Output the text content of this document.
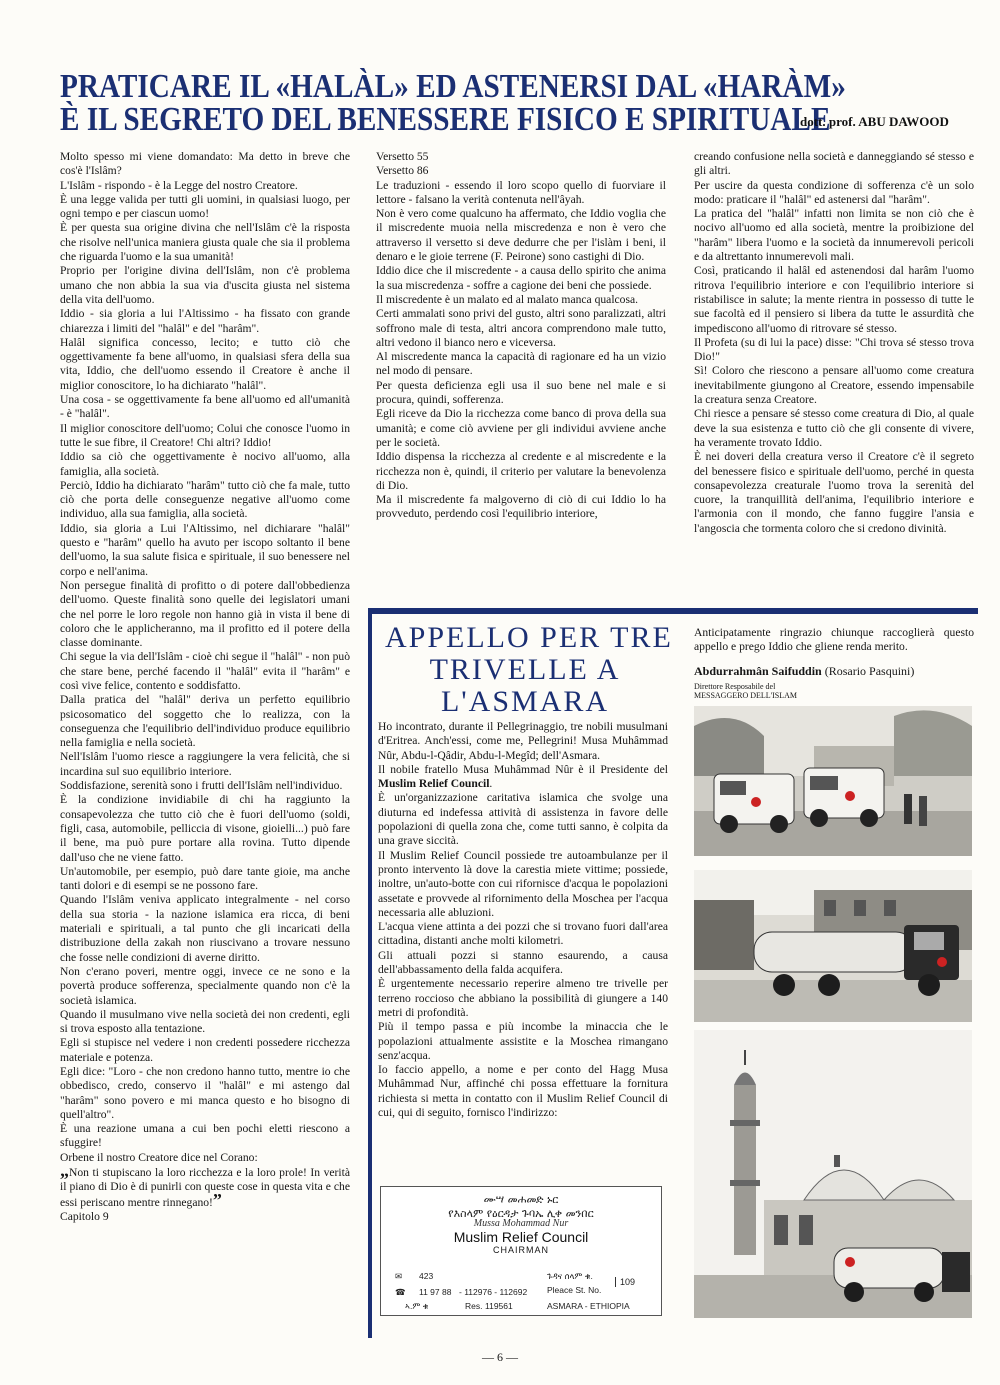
PRATICARE IL «HALÀL» ED ASTENERSI DAL «HARÀM»
È IL SEGRETO DEL BENESSERE FISICO E SPIRITUALE
dott. prof. ABU DAWOOD

Molto spesso mi viene domandato: Ma detto in breve che cos'è l'Islâm?

L'Islâm - rispondo - è la Legge del nostro Creatore.

È una legge valida per tutti gli uomini, in qualsiasi luogo, per ogni tempo e per ciascun uomo!

È per questa sua origine divina che nell'Islâm c'è la risposta che risolve nell'unica maniera giusta quale che sia il problema che riguarda l'uomo e la sua umanità!

Proprio per l'origine divina dell'Islâm, non c'è problema umano che non abbia la sua via d'uscita giusta nel sistema della vita dell'uomo.

Iddio - sia gloria a lui l'Altissimo - ha fissato con grande chiarezza i limiti del "halâl" e del "harâm".

Halâl significa concesso, lecito; e tutto ciò che oggettivamente fa bene all'uomo, in qualsiasi sfera della sua vita, Iddio, che dell'uomo essendo il Creatore è anche il miglior conoscitore, lo ha dichiarato "halâl".

Una cosa - se oggettivamente fa bene all'uomo ed all'umanità - è "halâl".

Il miglior conoscitore dell'uomo; Colui che conosce l'uomo in tutte le sue fibre, il Creatore! Chi altri? Iddio!

Iddio sa ciò che oggettivamente è nocivo all'uomo, alla famiglia, alla società.

Perciò, Iddio ha dichiarato "harâm" tutto ciò che fa male, tutto ciò che porta delle conseguenze negative all'uomo come individuo, alla sua famiglia, alla società.

Iddio, sia gloria a Lui l'Altissimo, nel dichiarare "halâl" questo e "harâm" quello ha avuto per iscopo soltanto il bene dell'uomo, la sua salute fisica e spirituale, il suo benessere nel corpo e nell'anima.

Non persegue finalità di profitto o di potere dall'obbedienza dell'uomo. Queste finalità sono quelle dei legislatori umani che nel porre le loro regole non hanno già in vista il bene di coloro che le applicheranno, ma il profitto ed il potere della classe dominante.

Chi segue la via dell'Islâm - cioè chi segue il "halâl" - non può che stare bene, perché facendo il "halâl" evita il "harâm" e così vive felice, contento e soddisfatto.

Dalla pratica del "halâl" deriva un perfetto equilibrio psicosomatico del soggetto che lo realizza, con la conseguenza che l'equilibrio dell'individuo produce equilibrio nella famiglia e nella società.

Nell'Islâm l'uomo riesce a raggiungere la vera felicità, che si incardina sul suo equilibrio interiore.

Soddisfazione, serenità sono i frutti dell'Islâm nell'individuo.

È la condizione invidiabile di chi ha raggiunto la consapevolezza che tutto ciò che è fuori dell'uomo (soldi, figli, casa, automobile, pelliccia di visone, gioielli...) può fare il bene, ma può pure portare alla rovina. Tutto dipende dall'uso che ne viene fatto.

Un'automobile, per esempio, può dare tante gioie, ma anche tanti dolori e di esempi se ne possono fare.

Quando l'Islâm veniva applicato integralmente - nel corso della sua storia - la nazione islamica era ricca, di beni materiali e spirituali, a tal punto che gli incaricati della distribuzione della zakah non riuscivano a trovare nessuno che fosse nelle condizioni di averne diritto.

Non c'erano poveri, mentre oggi, invece ce ne sono e la povertà produce sofferenza, specialmente quando non c'è la società islamica.

Quando il musulmano vive nella società dei non credenti, egli si trova esposto alla tentazione.

Egli si stupisce nel vedere i non credenti possedere ricchezza materiale e potenza.

Egli dice: "Loro - che non credono hanno tutto, mentre io che obbedisco, credo, conservo il "halâl" e mi astengo dal "harâm" sono povero e mi manca questo e ho bisogno di quell'altro".

È una reazione umana a cui ben pochi eletti riescono a sfuggire!

Orbene il nostro Creatore dice nel Corano:

„Non ti stupiscano la loro ricchezza e la loro prole! In verità il piano di Dio è di punirli con queste cose in questa vita e che essi periscano mentre rinnegano!”

Capitolo 9

Versetto 55

Versetto 86

Le traduzioni - essendo il loro scopo quello di fuorviare il lettore - falsano la verità contenuta nell'âyah.

Non è vero come qualcuno ha affermato, che Iddio voglia che il miscredente muoia nella miscredenza e non è vero che attraverso il versetto si deve dedurre che per l'islàm i beni, il denaro e le gioie terrene (F. Peirone) sono castighi di Dio.

Iddio dice che il miscredente - a causa dello spirito che anima la sua miscredenza - soffre a cagione dei beni che possiede.

Il miscredente è un malato ed al malato manca qualcosa.

Certi ammalati sono privi del gusto, altri sono paralizzati, altri soffrono male di testa, altri ancora comprendono male tutto, altri vedono il bianco nero e viceversa.

Al miscredente manca la capacità di ragionare ed ha un vizio nel modo di pensare.

Per questa deficienza egli usa il suo bene nel male e si procura, quindi, sofferenza.

Egli riceve da Dio la ricchezza come banco di prova della sua umanità; e come ciò avviene per gli individui avviene anche per le società.

Iddio dispensa la ricchezza al credente e al miscredente e la ricchezza non è, quindi, il criterio per valutare la benevolenza di Dio.

Ma il miscredente fa malgoverno di ciò di cui Iddio lo ha provveduto, perdendo così l'equilibrio interiore,

creando confusione nella società e danneggiando sé stesso e gli altri.

Per uscire da questa condizione di sofferenza c'è un solo modo: praticare il "halâl" ed astenersi dal "harâm".

La pratica del "halâl" infatti non limita se non ciò che è nocivo all'uomo ed alla società, mentre la proibizione del "harâm" libera l'uomo e la società da innumerevoli pericoli e da altrettanto innumerevoli mali.

Così, praticando il halâl ed astenendosi dal harâm l'uomo ritrova l'equilibrio interiore e con l'equilibrio interiore si ristabilisce in salute; la mente rientra in possesso di tutte le sue facoltà ed il pensiero si libera da tutte le assurdità che impediscono all'uomo di ritrovare sé stesso.

Il Profeta (su di lui la pace) disse: "Chi trova sé stesso trova Dio!"

Sì! Coloro che riescono a pensare all'uomo come creatura inevitabilmente giungono al Creatore, essendo impensabile la creatura senza Creatore.

Chi riesce a pensare sé stesso come creatura di Dio, al quale deve la sua esistenza e tutto ciò che gli consente di vivere, ha veramente trovato Iddio.

È nei doveri della creatura verso il Creatore c'è il segreto del benessere fisico e spirituale dell'uomo, perché in questa consapevolezza creaturale l'uomo trova la serenità del cuore, la tranquillità dell'anima, l'equilibrio interiore e l'armonia con il mondo, che fanno fuggire l'ansia e l'angoscia che tormenta coloro che si credono divinità.

APPELLO PER TRE
TRIVELLE A
L'ASMARA

Ho incontrato, durante il Pellegrinaggio, tre nobili musulmani d'Eritrea. Anch'essi, come me, Pellegrini! Musa Muhâmmad Nûr, Abdu-l-Qâdir, Abdu-l-Megîd; dell'Asmara.

Il nobile fratello Musa Muhâmmad Nûr è il Presidente del Muslim Relief Council.

È un'organizzazione caritativa islamica che svolge una diuturna ed indefessa attività di assistenza in favore delle popolazioni di quella zona che, come tutti sanno, è colpita da una grave siccità.

Il Muslim Relief Council possiede tre autoambulanze per il pronto intervento là dove la carestia miete vittime; possiede, inoltre, un'auto-botte con cui rifornisce d'acqua le popolazioni assetate e provvede al rifornimento della Moschea per l'acqua necessaria alle abluzioni.

L'acqua viene attinta a dei pozzi che si trovano fuori dall'area cittadina, distanti anche molti kilometri.

Gli attuali pozzi si stanno esaurendo, a causa dell'abbassamento della falda acquifera.

È urgentemente necessario reperire almeno tre trivelle per terreno roccioso che abbiano la possibilità di giungere a 140 metri di profondità.

Più il tempo passa e più incombe la minaccia che le popolazioni attualmente assistite e la Moschea rimangano senz'acqua.

Io faccio appello, a nome e per conto del Hagg Musa Muhâmmad Nur, affinché chi possa effettuare la fornitura richiesta si metta in contatto con il Muslim Relief Council di cui, qui di seguito, fornisco l'indirizzo:

Anticipatamente ringrazio chiunque raccoglierà questo appello e prego Iddio che gliene renda merito.
Abdurrahmân Saifuddin (Rosario Pasquini)
Direttore Resposabile del
MESSAGGERO DELL'ISLAM
ሙሣ መሐመድ ኑር
የእስላም የዕርዳታ ጉባኤ ሊቀ መንበር
Mussa Mohammad Nur
Muslim Relief Council
CHAIRMAN
✉ 423
☎ 11 97 88 - 112976 - 112692
ኣ.ም ቁ	Res. 119561
ጉዳና ሰላም ቁ.
Pleace St. No.
109
ASMARA - ETHIOPIA
— 6 —
